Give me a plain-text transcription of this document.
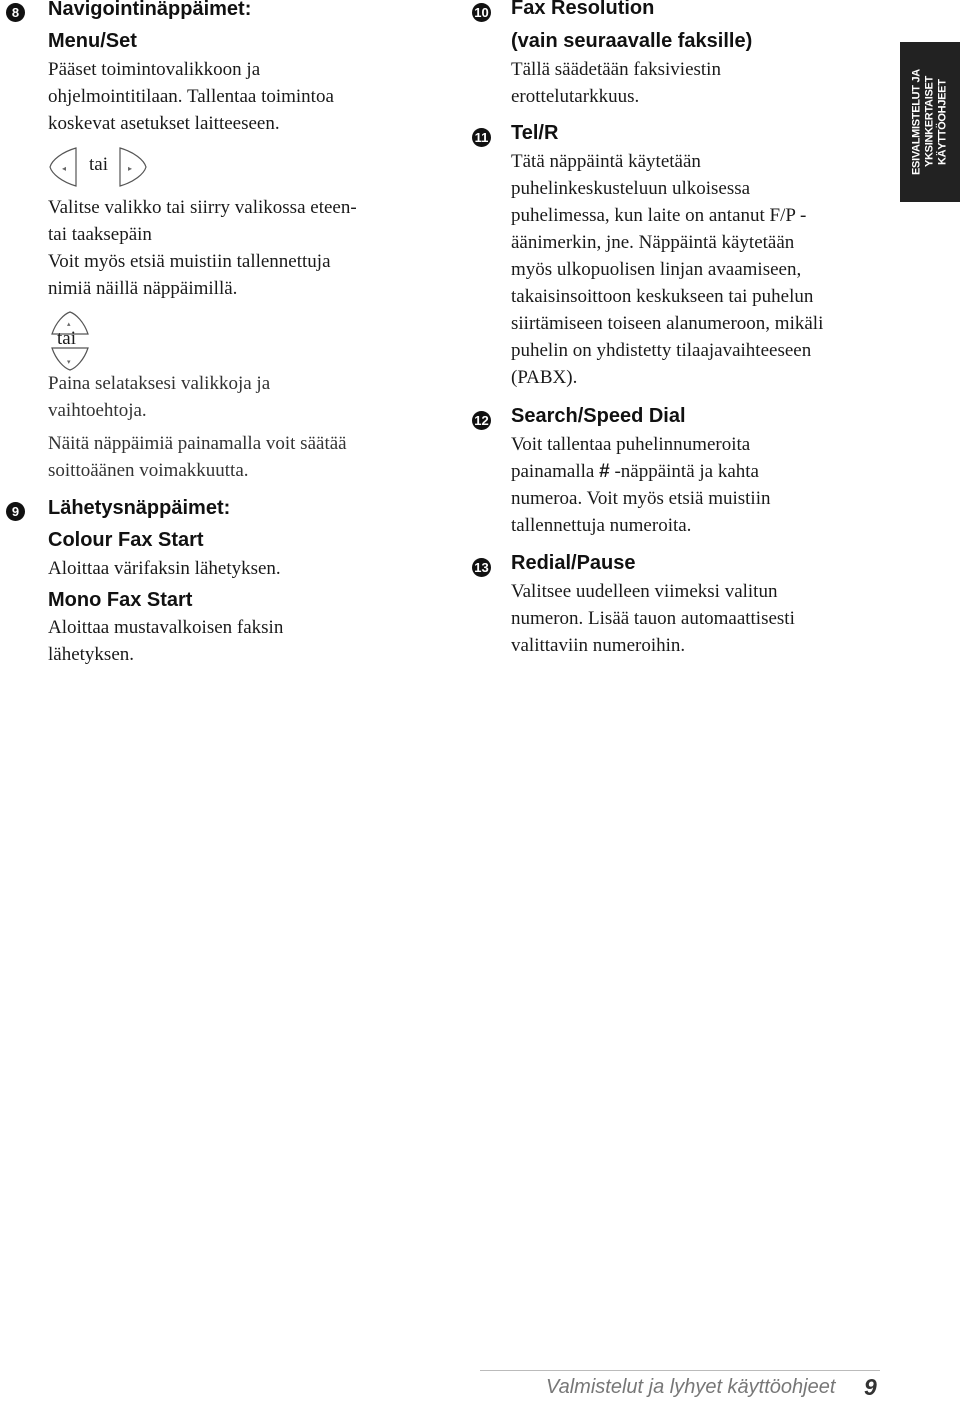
8 Navigointinäppäimet:
Menu/Set
Pääset toimintovalikkoon ja
ohjelmointitilaan. Tallentaa toimintoa
koskevat asetukset laitteeseen.
◂ tai	▸
Valitse valikko tai siirry valikossa eteen-
tai taaksepäin
Voit myös etsiä muistiin tallennettuja
nimiä näillä näppäimillä.
▴
▾
tai
Paina selataksesi valikkoja ja
vaihtoehtoja.
Näitä näppäimiä painamalla voit säätää
soittoäänen voimakkuutta.
9 Lähetysnäppäimet:
Colour Fax Start
Aloittaa värifaksin lähetyksen.
Mono Fax Start
Aloittaa mustavalkoisen faksin
lähetyksen.
10 Fax Resolution
(vain seuraavalle faksille)
Tällä säädetään faksiviestin
erottelutarkkuus.
11 Tel/R
Tätä näppäintä käytetään
puhelinkeskusteluun ulkoisessa
puhelimessa, kun laite on antanut F/P -
äänimerkin, jne. Näppäintä käytetään
myös ulkopuolisen linjan avaamiseen,
takaisinsoittoon keskukseen tai puhelun
siirtämiseen toiseen alanumeroon, mikäli
puhelin on yhdistetty tilaajavaihteeseen
(PABX).
12 Search/Speed Dial
Voit tallentaa puhelinnumeroita
painamalla # -näppäintä ja kahta
numeroa. Voit myös etsiä muistiin
tallennettuja numeroita.
13 Redial/Pause
Valitsee uudelleen viimeksi valitun
numeron. Lisää tauon automaattisesti
valittaviin numeroihin.
ESIVALMISTELUT JA YKSINKERTAISET KÄYTTÖOHJEET
Valmistelut ja lyhyet käyttöohjeet 9
